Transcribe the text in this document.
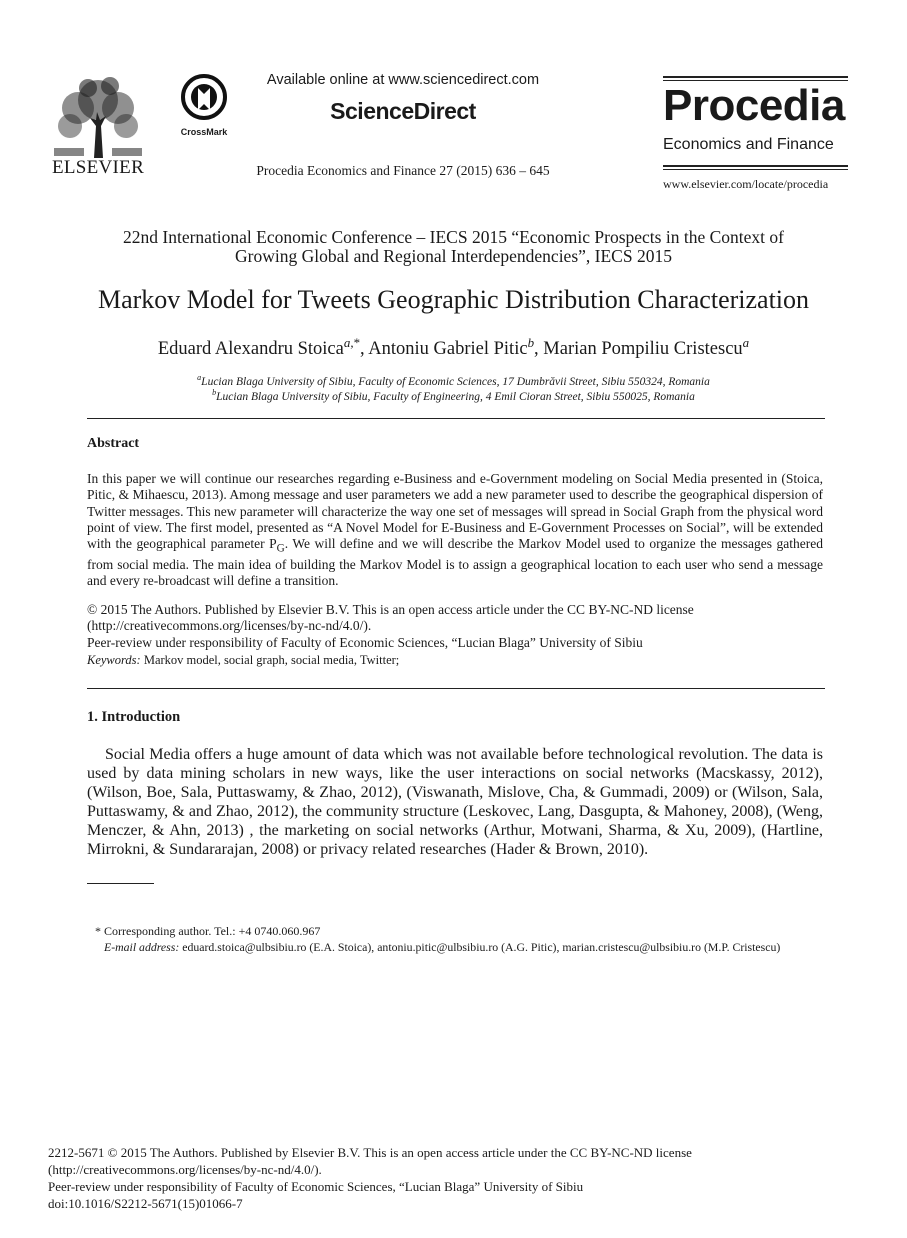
ELSEVIER
CrossMark
Available online at www.sciencedirect.com
ScienceDirect
Procedia Economics and Finance 27 (2015) 636 – 645
Procedia
Economics and Finance
www.elsevier.com/locate/procedia
22nd International Economic Conference – IECS 2015 “Economic Prospects in the Context of
Growing Global and Regional Interdependencies”, IECS 2015
Markov Model for Tweets Geographic Distribution Characterization
Eduard Alexandru Stoica$^{a,*}$, Antoniu Gabriel Pitic$^b$, Marian Pompiliu Cristescu$^a$
$^a$Lucian Blaga University of Sibiu, Faculty of Economic Sciences, 17 Dumbrăvii Street, Sibiu 550324, Romania
$^b$Lucian Blaga University of Sibiu, Faculty of Engineering, 4 Emil Cioran Street, Sibiu 550025, Romania
Abstract
In this paper we will continue our researches regarding e-Business and e-Government modeling on Social Media presented in (Stoica, Pitic, & Mihaescu, 2013). Among message and user parameters we add a new parameter used to describe the geographical dispersion of Twitter messages. This new parameter will characterize the way one set of messages will spread in Social Graph from the physical word point of view. The first model, presented as “A Novel Model for E-Business and E-Government Processes on Social”, will be extended with the geographical parameter $P_G$. We will define and we will describe the Markov Model used to organize the messages gathered from social media. The main idea of building the Markov Model is to assign a geographical location to each user who send a message and every re-broadcast will define a transition.
© 2015 The Authors. Published by Elsevier B.V. This is an open access article under the CC BY-NC-ND license
(http://creativecommons.org/licenses/by-nc-nd/4.0/).
Peer-review under responsibility of Faculty of Economic Sciences, “Lucian Blaga” University of Sibiu
Keywords: Markov model, social graph, social media, Twitter;
1. Introduction
Social Media offers a huge amount of data which was not available before technological revolution. The data is used by data mining scholars in new ways, like the user interactions on social networks (Macskassy, 2012), (Wilson, Boe, Sala, Puttaswamy, & Zhao, 2012), (Viswanath, Mislove, Cha, & Gummadi, 2009) or (Wilson, Sala, Puttaswamy, & and Zhao, 2012), the community structure (Leskovec, Lang, Dasgupta, & Mahoney, 2008), (Weng, Menczer, & Ahn, 2013) , the marketing on social networks (Arthur, Motwani, Sharma, & Xu, 2009), (Hartline, Mirrokni, & Sundararajan, 2008) or privacy related researches (Hader & Brown, 2010).
* Corresponding author. Tel.: +4 0740.060.967
E-mail address: eduard.stoica@ulbsibiu.ro (E.A. Stoica), antoniu.pitic@ulbsibiu.ro (A.G. Pitic), marian.cristescu@ulbsibiu.ro (M.P. Cristescu)
2212-5671 © 2015 The Authors. Published by Elsevier B.V. This is an open access article under the CC BY-NC-ND license
(http://creativecommons.org/licenses/by-nc-nd/4.0/).
Peer-review under responsibility of Faculty of Economic Sciences, “Lucian Blaga” University of Sibiu
doi:10.1016/S2212-5671(15)01066-7
